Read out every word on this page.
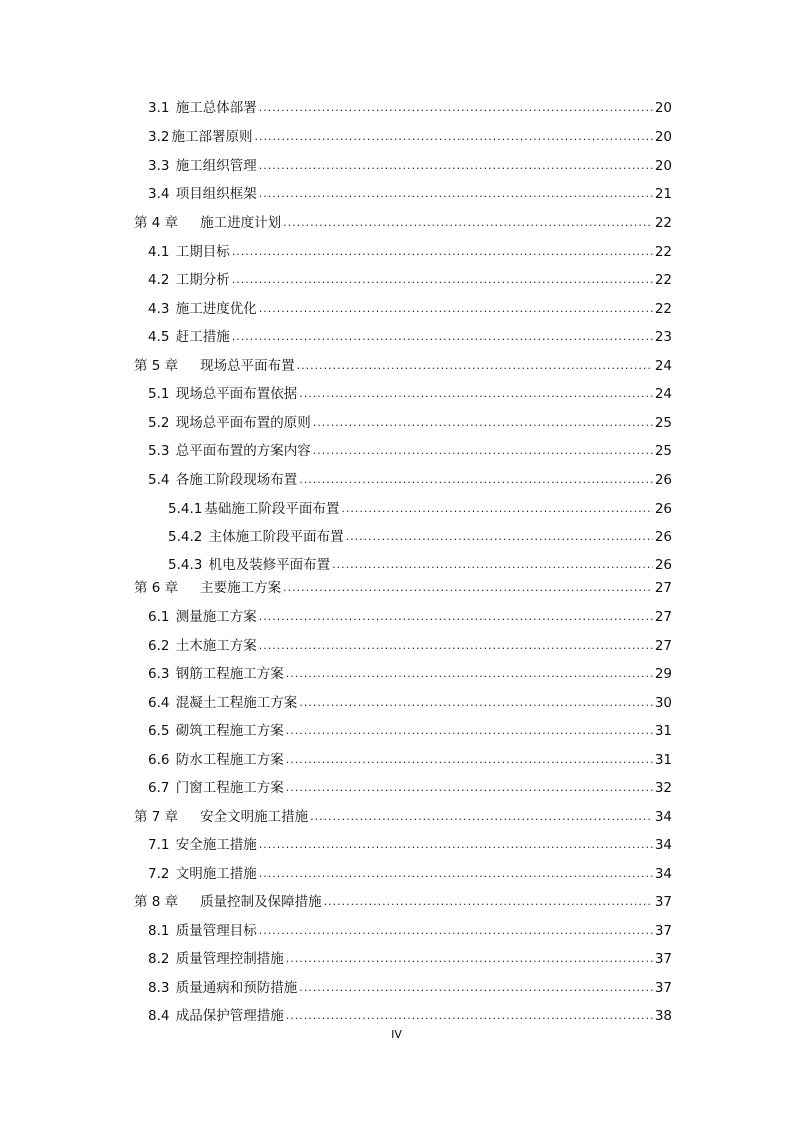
3.1 施工总体部署 .....	20
3.2 施工部署原则 .....	20
3.3 施工组织管理 .....	20
3.4 项目组织框架 .....	21
第 4 章 施工进度计划 .....	22
4.1 工期目标 .....	22
4.2 工期分析 .....	22
4.3 施工进度优化 .....	22
4.5 赶工措施 .....	23
第 5 章 现场总平面布置 .....	24
5.1 现场总平面布置依据 .....	24
5.2 现场总平面布置的原则 .....	25
5.3 总平面布置的方案内容 .....	25
5.4 各施工阶段现场布置 .....	26
5.4.1 基础施工阶段平面布置 .....	26
5.4.2 主体施工阶段平面布置 .....	26
5.4.3 机电及装修平面布置 .....	26
第 6 章 主要施工方案 .....	27
6.1 测量施工方案 .....	27
6.2 土木施工方案 .....	27
6.3 钢筋工程施工方案 .....	29
6.4 混凝土工程施工方案 .....	30
6.5 砌筑工程施工方案 .....	31
6.6 防水工程施工方案 .....	31
6.7 门窗工程施工方案 .....	32
第 7 章 安全文明施工措施 .....	34
7.1 安全施工措施 .....	34
7.2 文明施工措施 .....	34
第 8 章 质量控制及保障措施 .....	37
8.1 质量管理目标 .....	37
8.2 质量管理控制措施 .....	37
8.3 质量通病和预防措施 .....	37
8.4 成品保护管理措施 .....	38
IV
